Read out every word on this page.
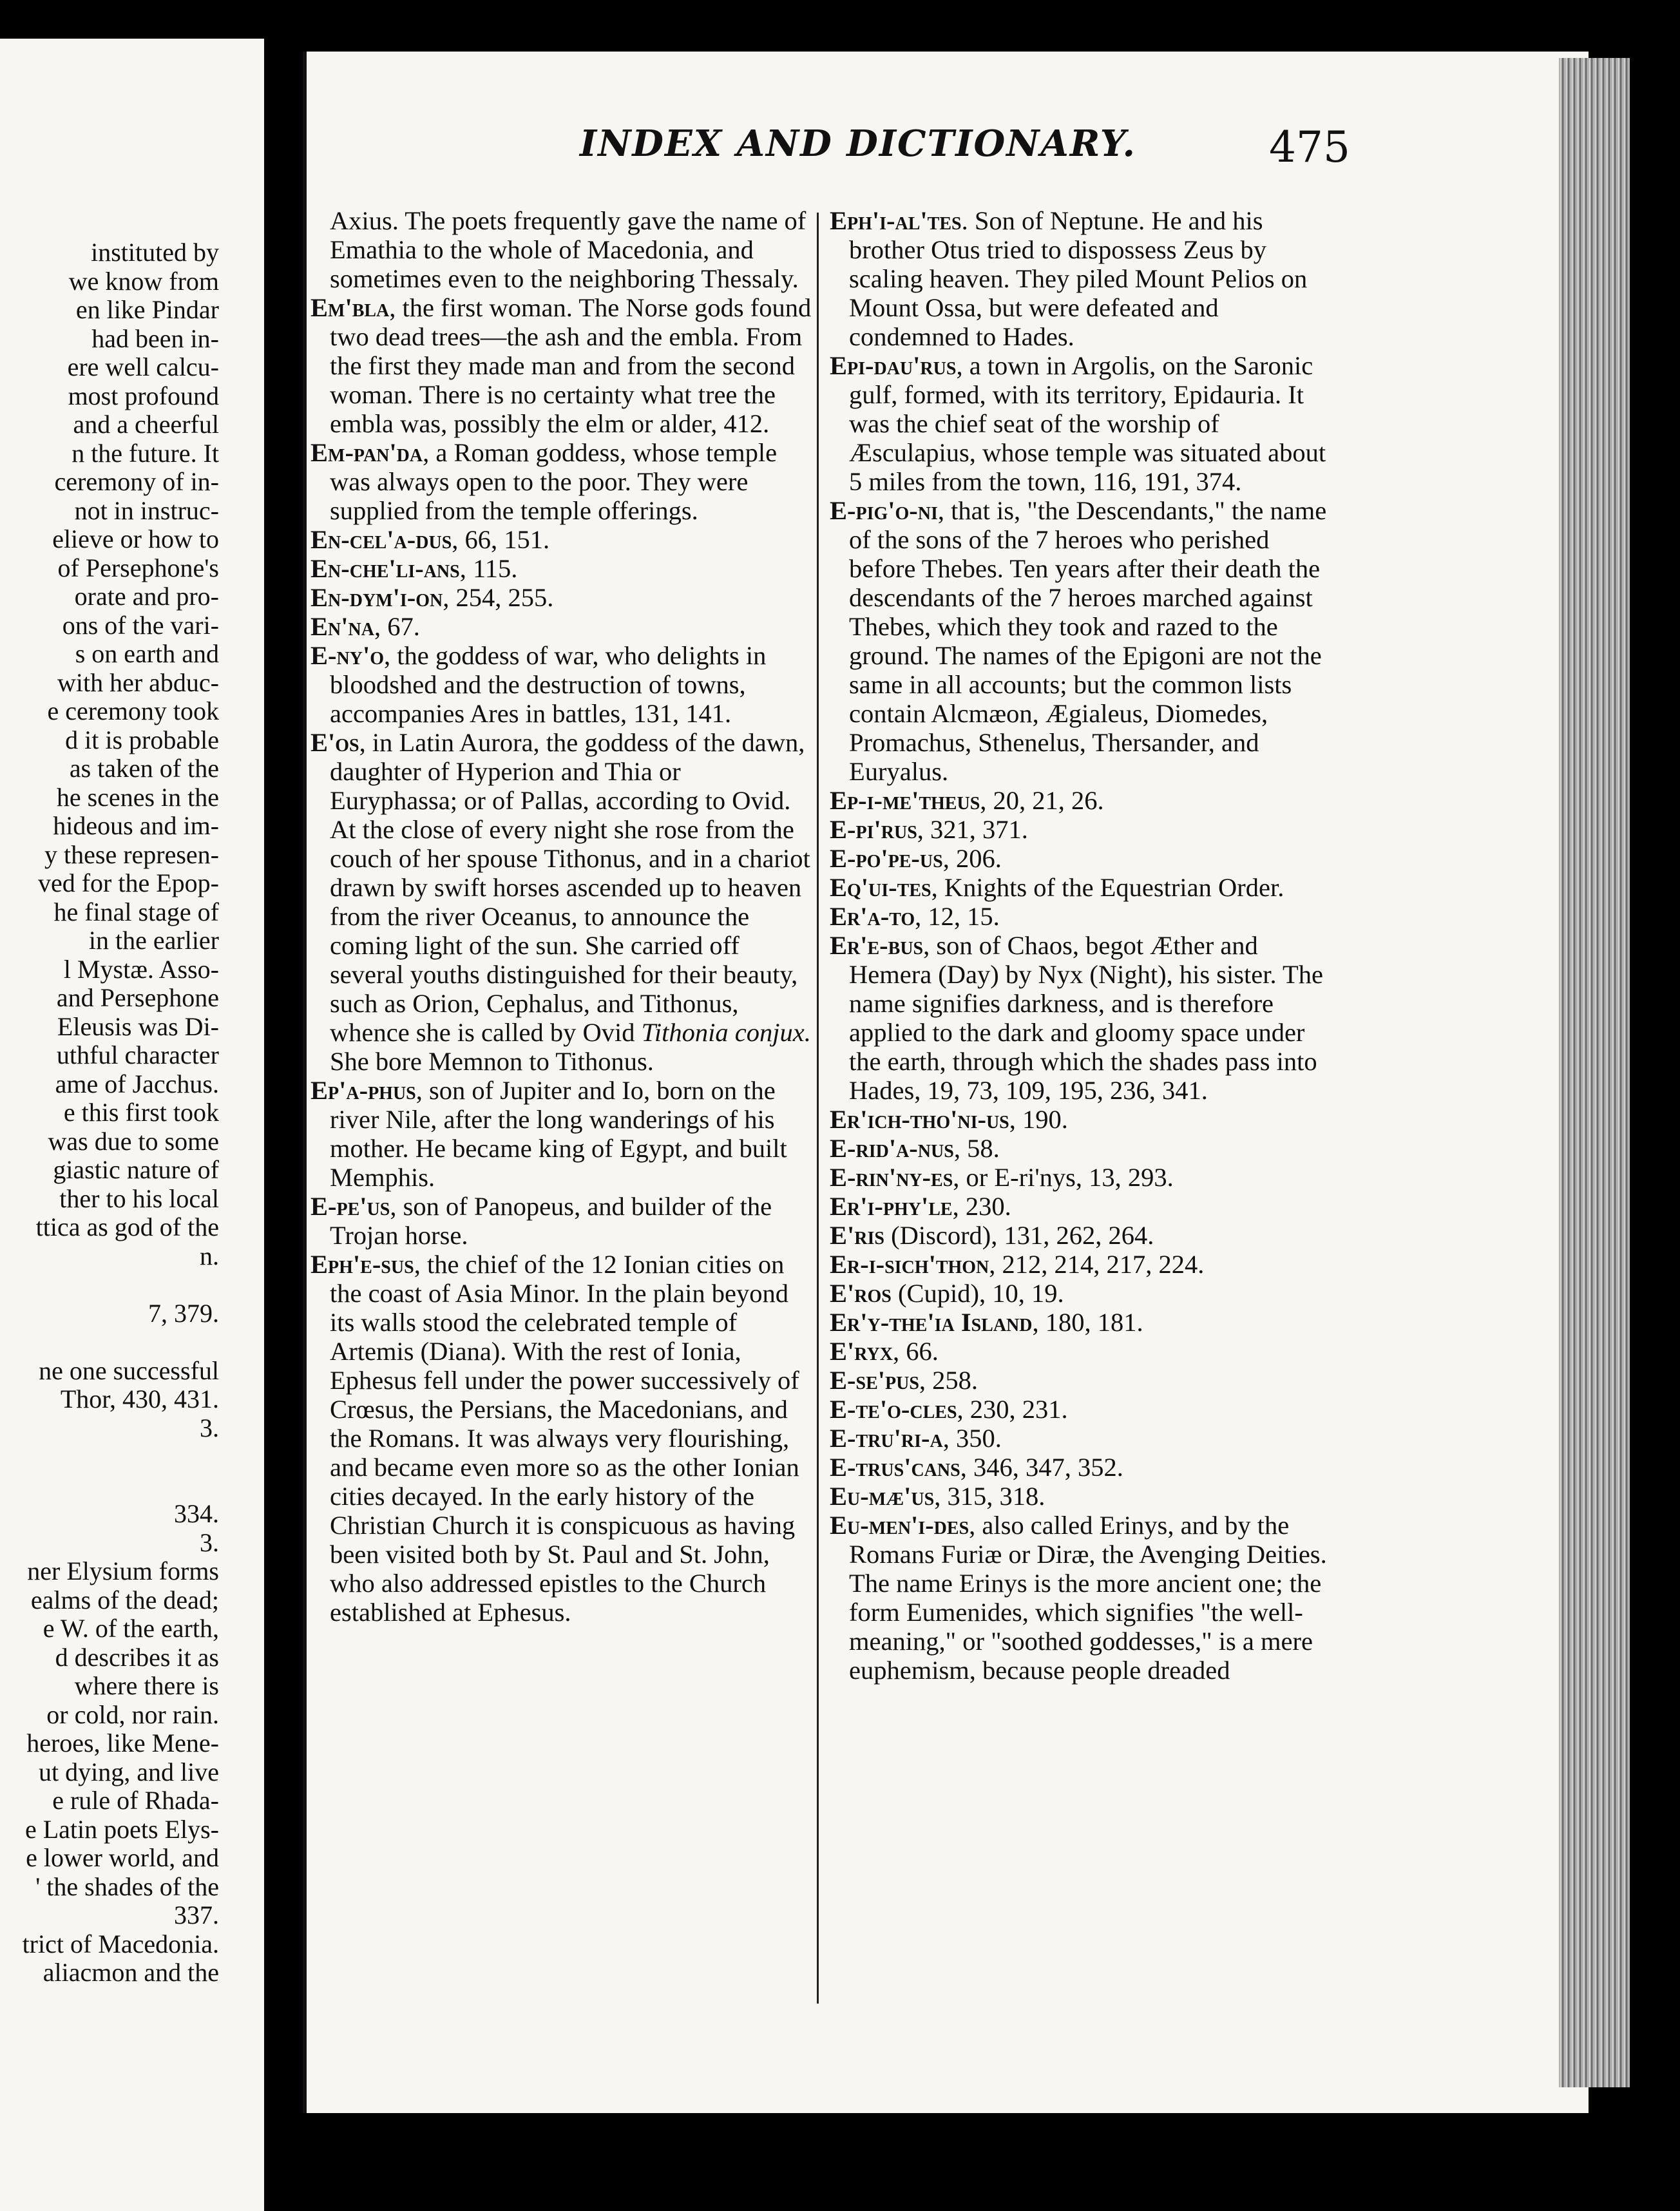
instituted by
we know from
en like Pindar
had been in-
ere well calcu-
most profound
and a cheerful
n the future. It
ceremony of in-
not in instruc-
elieve or how to
of Persephone's
orate and pro-
ons of the vari-
s on earth and
with her abduc-
e ceremony took
d it is probable
as taken of the
he scenes in the
hideous and im-
y these represen-
ved for the Epop-
he final stage of
in the earlier
l Mystæ. Asso-
and Persephone
Eleusis was Di-
uthful character
ame of Jacchus.
e this first took
was due to some
giastic nature of
ther to his local
ttica as god of the
n.
7, 379.
ne one successful
Thor, 430, 431.
3.
334.
3.
ner Elysium forms
ealms of the dead;
e W. of the earth,
d describes it as
where there is
or cold, nor rain.
heroes, like Mene-
ut dying, and live
e rule of Rhada-
e Latin poets Elys-
e lower world, and
' the shades of the
337.
trict of Macedonia.
aliacmon and the
INDEX AND DICTIONARY.	475

Axius. The poets frequently gave the name of Emathia to the whole of Macedonia, and sometimes even to the neighboring Thessaly.

Em'bla, the first woman. The Norse gods found two dead trees—the ash and the embla. From the first they made man and from the second woman. There is no certainty what tree the embla was, possibly the elm or alder, 412.

Em-pan'da, a Roman goddess, whose temple was always open to the poor. They were supplied from the temple offerings.

En-cel'a-dus, 66, 151.

En-che'li-ans, 115.

En-dym'i-on, 254, 255.

En'na, 67.

E-ny'o, the goddess of war, who delights in bloodshed and the destruction of towns, accompanies Ares in battles, 131, 141.

E'os, in Latin Aurora, the goddess of the dawn, daughter of Hyperion and Thia or Euryphassa; or of Pallas, according to Ovid. At the close of every night she rose from the couch of her spouse Tithonus, and in a chariot drawn by swift horses ascended up to heaven from the river Oceanus, to announce the coming light of the sun. She carried off several youths distinguished for their beauty, such as Orion, Cephalus, and Tithonus, whence she is called by Ovid Tithonia conjux. She bore Memnon to Tithonus.

Ep'a-phus, son of Jupiter and Io, born on the river Nile, after the long wanderings of his mother. He became king of Egypt, and built Memphis.

E-pe'us, son of Panopeus, and builder of the Trojan horse.

Eph'e-sus, the chief of the 12 Ionian cities on the coast of Asia Minor. In the plain beyond its walls stood the celebrated temple of Artemis (Diana). With the rest of Ionia, Ephesus fell under the power successively of Crœsus, the Persians, the Macedonians, and the Romans. It was always very flourishing, and became even more so as the other Ionian cities decayed. In the early history of the Christian Church it is conspicuous as having been visited both by St. Paul and St. John, who also addressed epistles to the Church established at Ephesus.

Eph'i-al'tes. Son of Neptune. He and his brother Otus tried to dispossess Zeus by scaling heaven. They piled Mount Pelios on Mount Ossa, but were defeated and condemned to Hades.

Epi-dau'rus, a town in Argolis, on the Saronic gulf, formed, with its territory, Epidauria. It was the chief seat of the worship of Æsculapius, whose temple was situated about 5 miles from the town, 116, 191, 374.

E-pig'o-ni, that is, "the Descendants," the name of the sons of the 7 heroes who perished before Thebes. Ten years after their death the descendants of the 7 heroes marched against Thebes, which they took and razed to the ground. The names of the Epigoni are not the same in all accounts; but the common lists contain Alcmæon, Ægialeus, Diomedes, Promachus, Sthenelus, Thersander, and Euryalus.

Ep-i-me'theus, 20, 21, 26.

E-pi'rus, 321, 371.

E-po'pe-us, 206.

Eq'ui-tes, Knights of the Equestrian Order.

Er'a-to, 12, 15.

Er'e-bus, son of Chaos, begot Æther and Hemera (Day) by Nyx (Night), his sister. The name signifies darkness, and is therefore applied to the dark and gloomy space under the earth, through which the shades pass into Hades, 19, 73, 109, 195, 236, 341.

Er'ich-tho'ni-us, 190.

E-rid'a-nus, 58.

E-rin'ny-es, or E-ri'nys, 13, 293.

Er'i-phy'le, 230.

E'ris (Discord), 131, 262, 264.

Er-i-sich'thon, 212, 214, 217, 224.

E'ros (Cupid), 10, 19.

Er'y-the'ia Island, 180, 181.

E'ryx, 66.

E-se'pus, 258.

E-te'o-cles, 230, 231.

E-tru'ri-a, 350.

E-trus'cans, 346, 347, 352.

Eu-mæ'us, 315, 318.

Eu-men'i-des, also called Erinys, and by the Romans Furiæ or Diræ, the Avenging Deities. The name Erinys is the more ancient one; the form Eumenides, which signifies "the well-meaning," or "soothed goddesses," is a mere euphemism, because people dreaded
